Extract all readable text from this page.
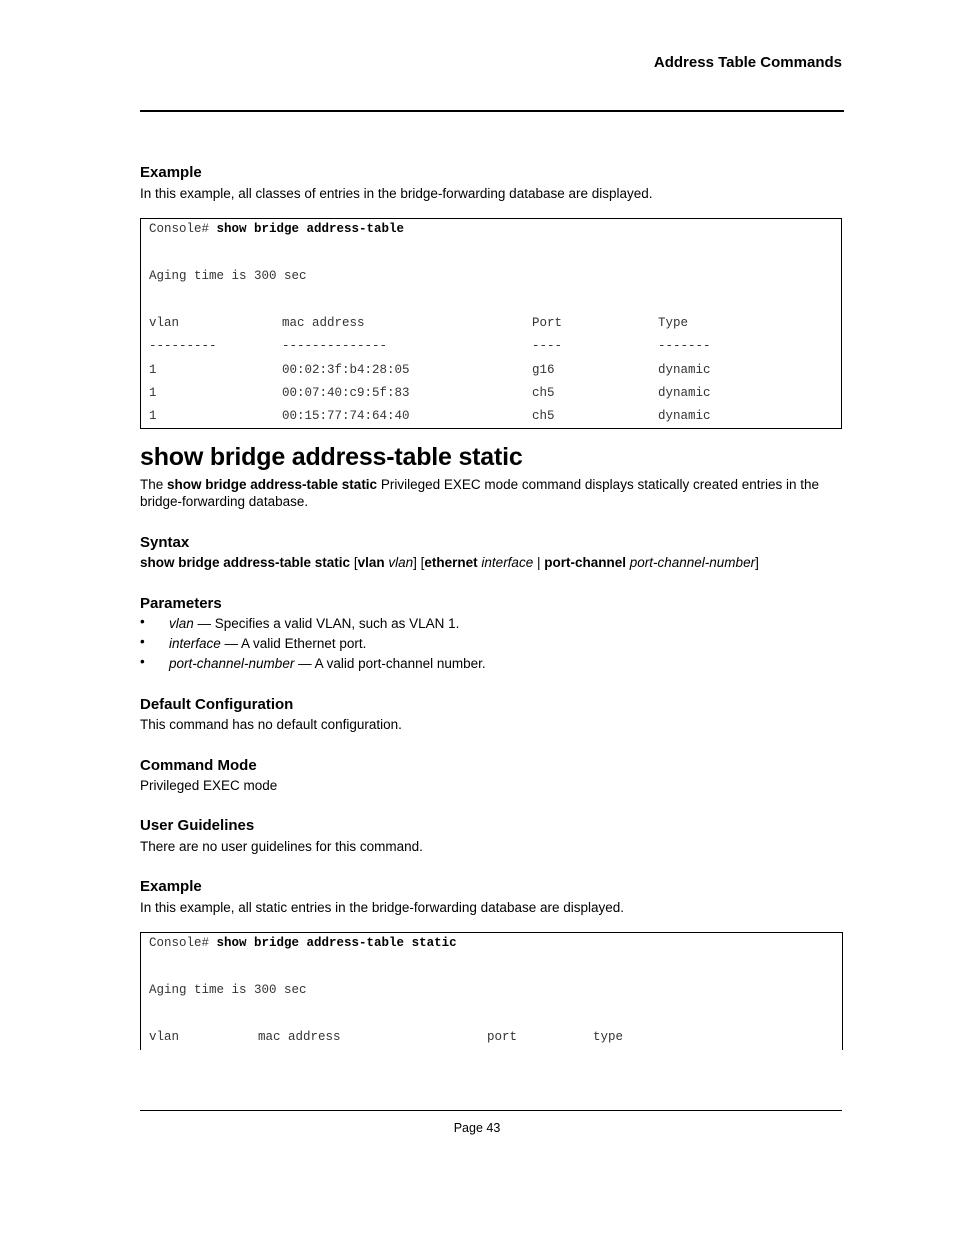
Address Table Commands
Example
In this example, all classes of entries in the bridge-forwarding database are displayed.
Console# show bridge address-table
Aging time is 300 sec
vlan	mac address	Port	Type
---------	--------------	----	-------
1	00:02:3f:b4:28:05	g16	dynamic
1	00:07:40:c9:5f:83	ch5	dynamic
1	00:15:77:74:64:40	ch5	dynamic
show bridge address-table static
The show bridge address-table static Privileged EXEC mode command displays statically created entries in the
bridge-forwarding database.
Syntax
show bridge address-table static [vlan vlan] [ethernet interface | port-channel port-channel-number]
Parameters
• vlan — Specifies a valid VLAN, such as VLAN 1.
• interface — A valid Ethernet port.
• port-channel-number — A valid port-channel number.
Default Configuration
This command has no default configuration.
Command Mode
Privileged EXEC mode
User Guidelines
There are no user guidelines for this command.
Example
In this example, all static entries in the bridge-forwarding database are displayed.
Console# show bridge address-table static
Aging time is 300 sec
vlan	mac address	port	type
Page 43
